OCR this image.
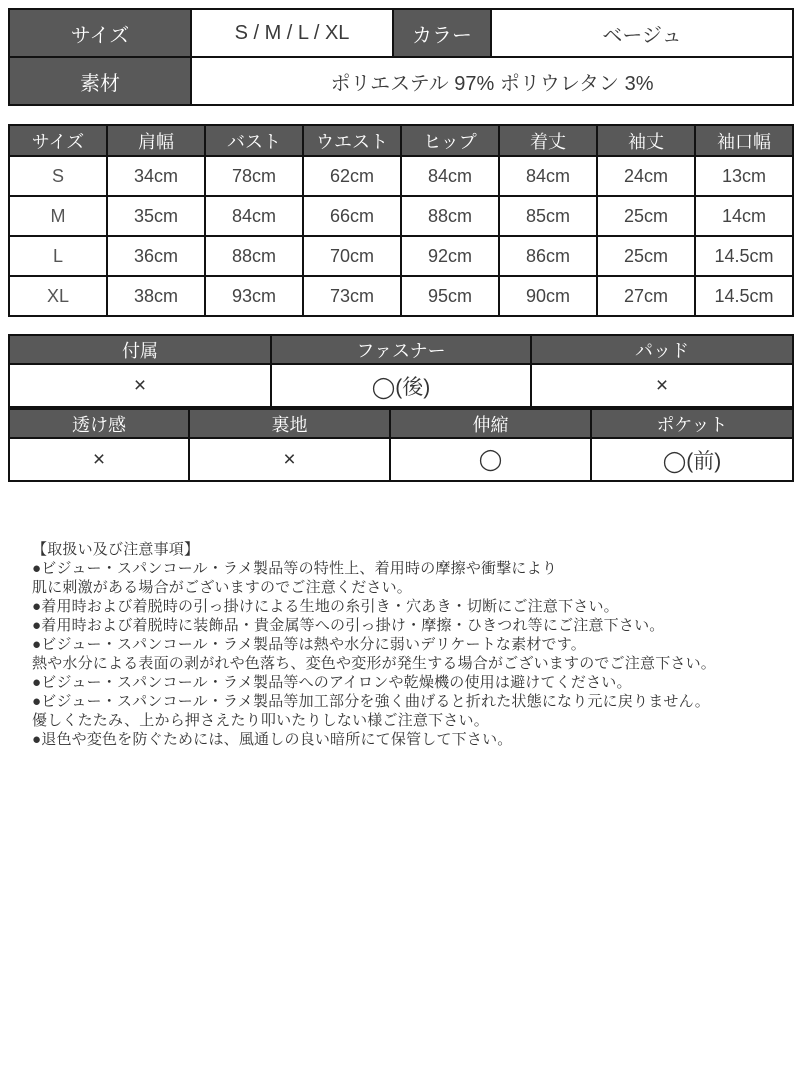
サイズ	S / M / L / XL	カラー	ベージュ
素材	ポリエステル 97% ポリウレタン 3%		
サイズ	肩幅	バスト	ウエスト	ヒップ	着丈	袖丈	袖口幅
S	34cm	78cm	62cm	84cm	84cm	24cm	13cm
M	35cm	84cm	66cm	88cm	85cm	25cm	14cm
L	36cm	88cm	70cm	92cm	86cm	25cm	14.5cm
XL	38cm	93cm	73cm	95cm	90cm	27cm	14.5cm
付属	ファスナー	パッド
×	◯(後)	×
透け感	裏地	伸縮	ポケット
×	×	◯	◯(前)
【取扱い及び注意事項】
●ビジュー・スパンコール・ラメ製品等の特性上、着用時の摩擦や衝撃により
肌に刺激がある場合がございますのでご注意ください。
●着用時および着脱時の引っ掛けによる生地の糸引き・穴あき・切断にご注意下さい。
●着用時および着脱時に装飾品・貴金属等への引っ掛け・摩擦・ひきつれ等にご注意下さい。
●ビジュー・スパンコール・ラメ製品等は熱や水分に弱いデリケートな素材です。
熱や水分による表面の剥がれや色落ち、変色や変形が発生する場合がございますのでご注意下さい。
●ビジュー・スパンコール・ラメ製品等へのアイロンや乾燥機の使用は避けてください。
●ビジュー・スパンコール・ラメ製品等加工部分を強く曲げると折れた状態になり元に戻りません。
優しくたたみ、上から押さえたり叩いたりしない様ご注意下さい。
●退色や変色を防ぐためには、風通しの良い暗所にて保管して下さい。
